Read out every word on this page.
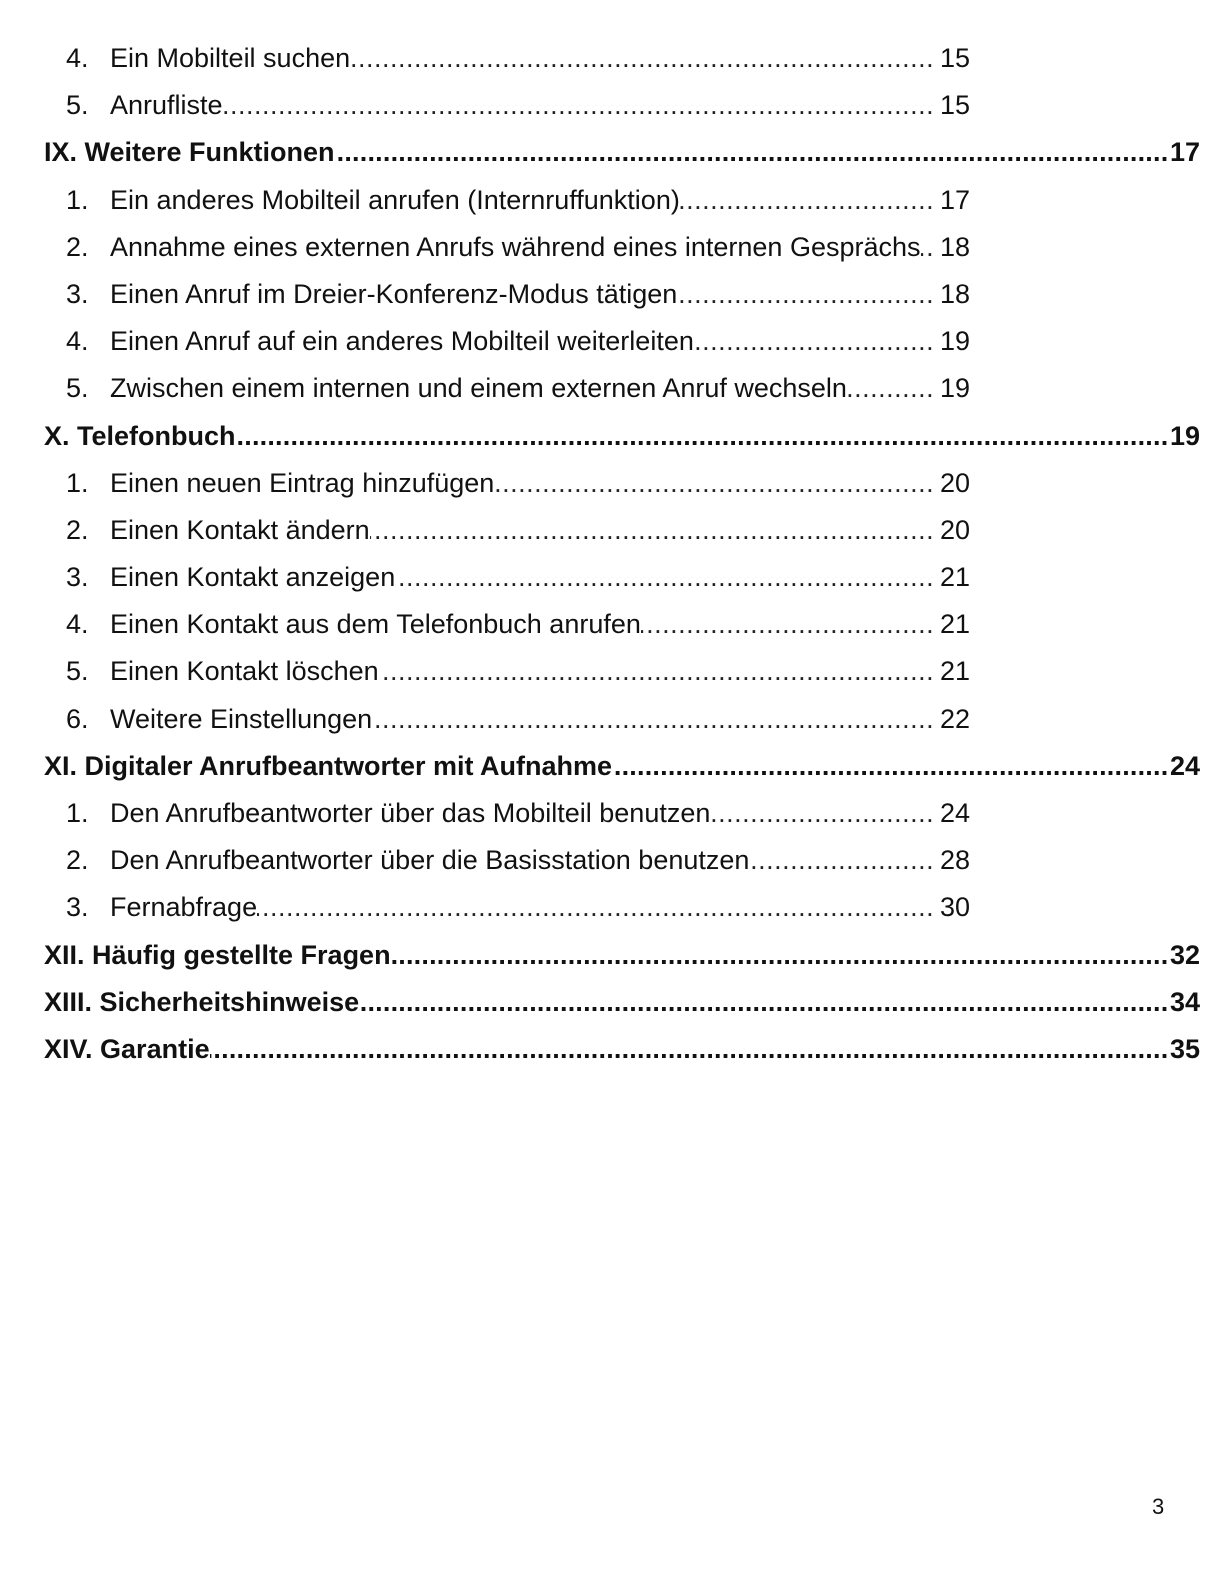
.....
4. Ein Mobilteil suchen	15
.....
5. Anrufliste	15
.....
IX. Weitere Funktionen	17
.....
1. Ein anderes Mobilteil anrufen (Internruffunktion)	17
.....
2. Annahme eines externen Anrufs während eines internen Gesprächs 18
.....
3. Einen Anruf im Dreier-Konferenz-Modus tätigen	18
.....
4. Einen Anruf auf ein anderes Mobilteil weiterleiten	19
.....
5. Zwischen einem internen und einem externen Anruf wechseln	19
.....
X. Telefonbuch	19
.....
1. Einen neuen Eintrag hinzufügen	20
.....
2. Einen Kontakt ändern	20
.....
3. Einen Kontakt anzeigen	21
.....
4. Einen Kontakt aus dem Telefonbuch anrufen	21
.....
5. Einen Kontakt löschen	21
.....
6. Weitere Einstellungen	22
.....
XI. Digitaler Anrufbeantworter mit Aufnahme	24
.....
1. Den Anrufbeantworter über das Mobilteil benutzen	24
.....
2. Den Anrufbeantworter über die Basisstation benutzen	28
.....
3. Fernabfrage	30
.....
XII. Häufig gestellte Fragen	32
.....
XIII. Sicherheitshinweise	34
.....
XIV. Garantie	35
3
